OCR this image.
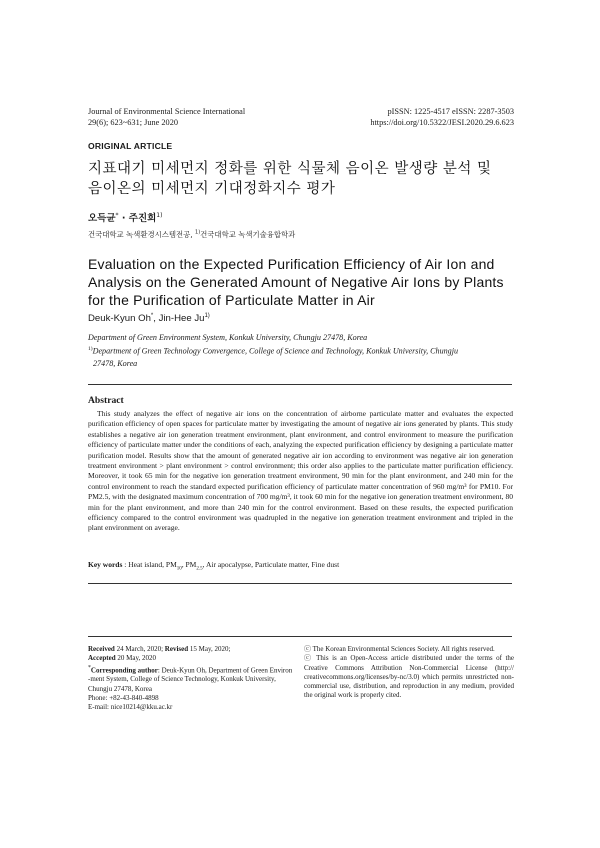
Journal of Environmental Science International
29(6); 623~631; June 2020
pISSN: 1225-4517 eISSN: 2287-3503
https://doi.org/10.5322/JESI.2020.29.6.623
ORIGINAL ARTICLE
지표대기 미세먼지 정화를 위한 식물체 음이온 발생량 분석 및
음이온의 미세먼지 기대정화지수 평가
오득균* · 주진희$^{1)}$
건국대학교 녹색환경시스템전공, $^{1)}$건국대학교 녹색기술융합학과
Evaluation on the Expected Purification Efficiency of Air Ion and
Analysis on the Generated Amount of Negative Air Ions by Plants
for the Purification of Particulate Matter in Air
Deuk-Kyun Oh*, Jin-Hee Ju$^{1)}$

Department of Green Environment System, Konkuk University, Chungju 27478, Korea

$^{1)}$Department of Green Technology Convergence, College of Science and Technology, Konkuk University, Chungju

27478, Korea

Abstract

This study analyzes the effect of negative air ions on the concentration of airborne particulate matter and evaluates the expected purification efficiency of open spaces for particulate matter by investigating the amount of negative air ions generated by plants. This study establishes a negative air ion generation treatment environment, plant environment, and control environment to measure the purification efficiency of particulate matter under the conditions of each, analyzing the expected purification efficiency by designing a particulate matter purification model. Results show that the amount of generated negative air ion according to environment was negative air ion generation treatment environment > plant environment > control environment; this order also applies to the particulate matter purification efficiency. Moreover, it took 65 min for the negative ion generation treatment environment, 90 min for the plant environment, and 240 min for the control environment to reach the standard expected purification efficiency of particulate matter concentration of 960 mg/m³ for PM10. For PM2.5, with the designated maximum concentration of 700 mg/m³, it took 60 min for the negative ion generation treatment environment, 80 min for the plant environment, and more than 240 min for the control environment. Based on these results, the expected purification efficiency compared to the control environment was quadrupled in the negative ion generation treatment environment and tripled in the plant environment on average.

Key words : Heat island, $PM_{10}$, $PM_{2.5}$, Air apocalypse, Particulate matter, Fine dust

Received 24 March, 2020; Revised 15 May, 2020;

Accepted 20 May, 2020

*Corresponding author: Deuk-Kyun Oh, Department of Green Environ

-ment System, College of Science Technology, Konkuk University,

Chungju 27478, Korea

Phone: +82-43-840-4898

E-mail: nice10214@kku.ac.kr

ⓒ The Korean Environmental Sciences Society. All rights reserved.

ⓒ This is an Open-Access article distributed under the terms of the Creative Commons Attribution Non-Commercial License (http:// creativecommons.org/licenses/by-nc/3.0) which permits unrestricted non-commercial use, distribution, and reproduction in any medium, provided the original work is properly cited.
